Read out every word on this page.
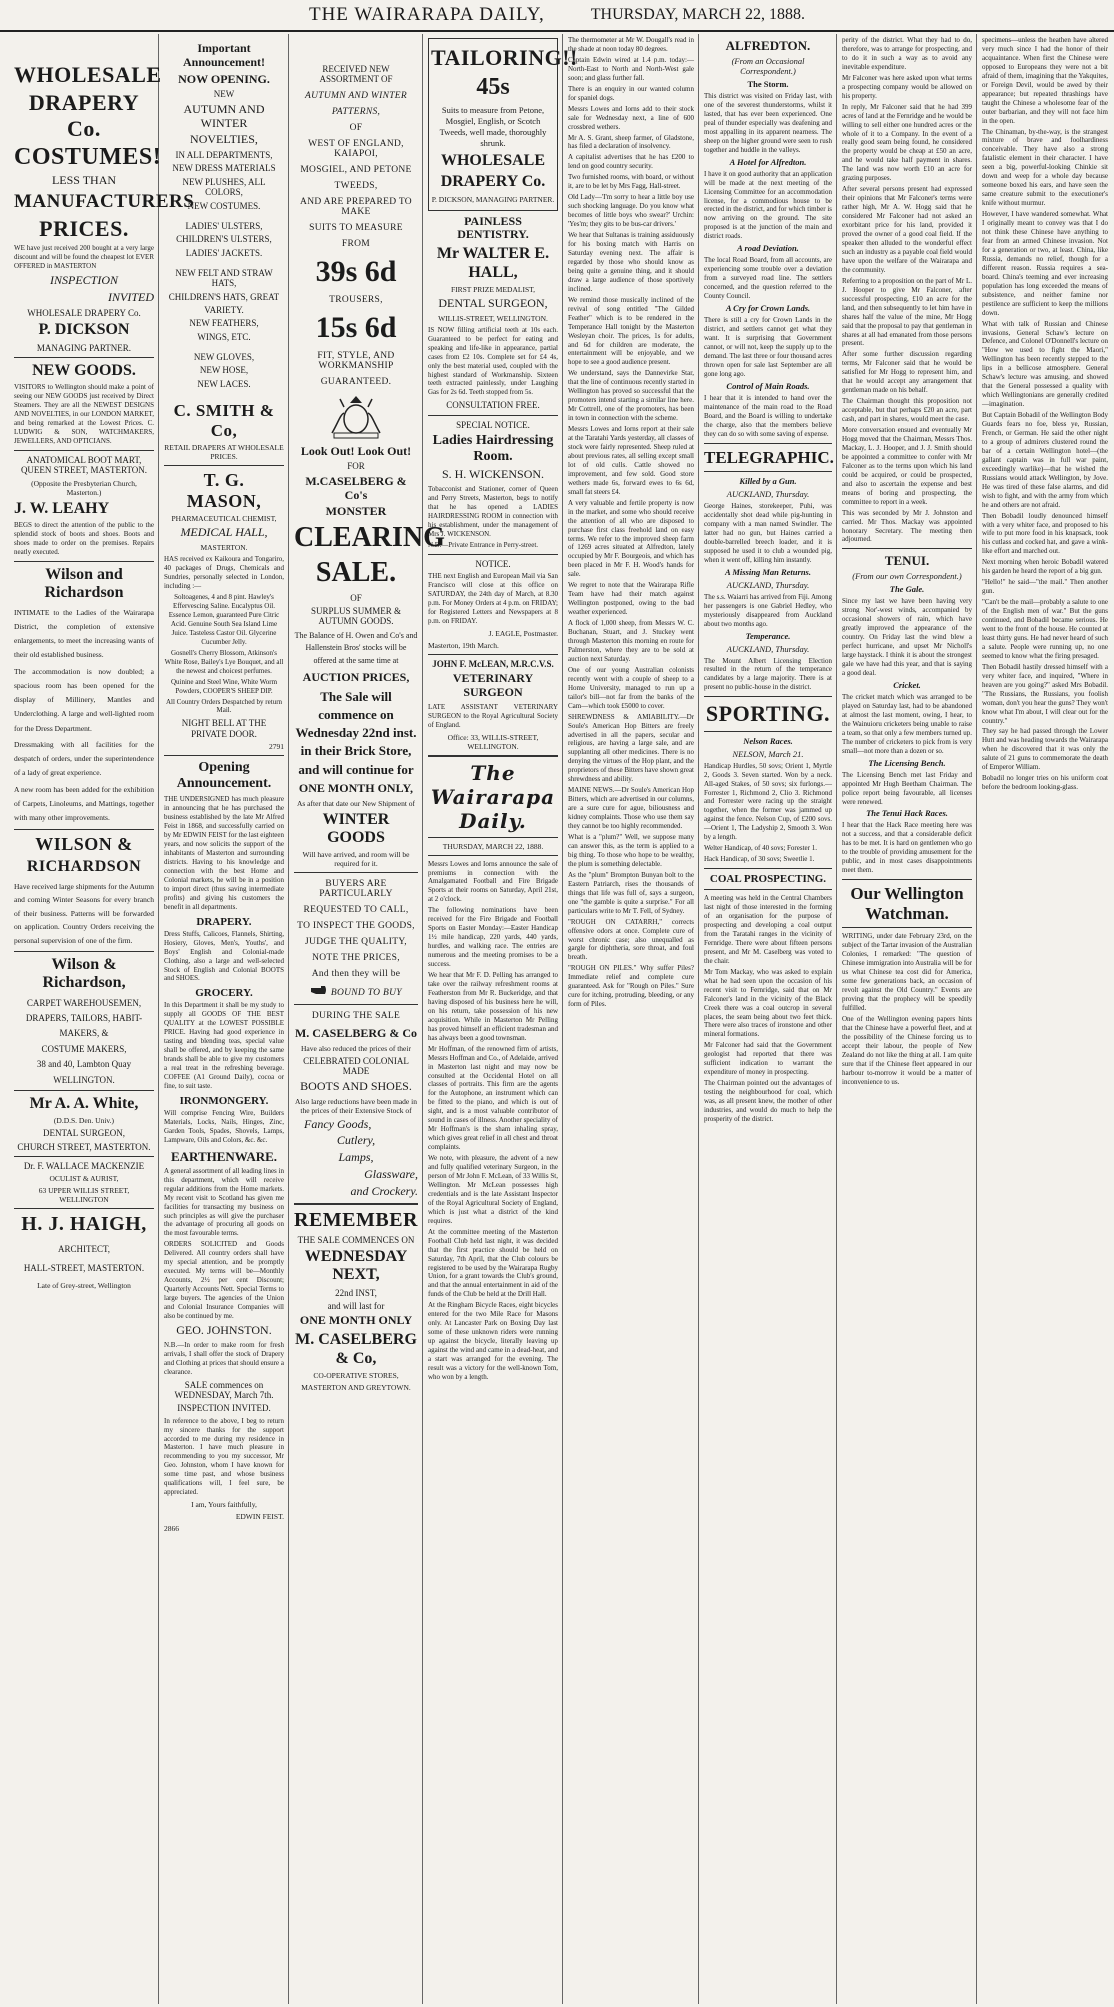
THE WAIRARAPA DAILY,	THURSDAY, MARCH 22, 1888.
WHOLESALE
DRAPERY Co.
COSTUMES!
LESS THAN
MANUFACTURERS
PRICES.

WE have just received 200 bought at a very large discount and will be found the cheapest lot EVER OFFERED in MASTERTON

INSPECTION
INVITED
WHOLESALE DRAPERY Co.
P. DICKSON
MANAGING PARTNER.
NEW GOODS.

VISITORS to Wellington should make a point of seeing our NEW GOODS just received by Direct Steamers. They are all the NEWEST DESIGNS AND NOVELTIES, in our LONDON MARKET, and being remarked at the Lowest Prices. C. LUDWIG & SON, WATCHMAKERS, JEWELLERS, AND OPTICIANS.

ANATOMICAL BOOT MART, QUEEN STREET, MASTERTON.
(Opposite the Presbyterian Church, Masterton.)
J. W. LEAHY

BEGS to direct the attention of the public to the splendid stock of boots and shoes. Boots and shoes made to order on the premises. Repairs neatly executed.

Wilson and Richardson

INTIMATE to the Ladies of the Wairarapa District, the completion of extensive enlargements, to meet the increasing wants of their old established business.

The accommodation is now doubled; a spacious room has been opened for the display of Millinery, Mantles and Underclothing. A large and well-lighted room for the Dress Department.

Dressmaking with all facilities for the despatch of orders, under the superintendence of a lady of great experience.

A new room has been added for the exhibition of Carpets, Linoleums, and Mattings, together with many other improvements.

WILSON &
RICHARDSON

Have received large shipments for the Autumn and coming Winter Seasons for every branch of their business. Patterns will be forwarded on application. Country Orders receiving the personal supervision of one of the firm.

Wilson & Richardson,
CARPET WAREHOUSEMEN,
DRAPERS, TAILORS, HABIT-
MAKERS, &
COSTUME MAKERS,
38 and 40, Lambton Quay
WELLINGTON.
Mr A. A. White,
(D.D.S. Den. Univ.)
DENTAL SURGEON,
CHURCH STREET, MASTERTON.
Dr. F. WALLACE MACKENZIE
OCULIST & AURIST,
63 UPPER WILLIS STREET, WELLINGTON
H. J. HAIGH,
ARCHITECT,
HALL-STREET, MASTERTON.
Late of Grey-street, Wellington
Important Announcement!
NOW OPENING.
NEW
AUTUMN AND WINTER
NOVELTIES,
IN ALL DEPARTMENTS,
NEW DRESS MATERIALS
NEW PLUSHES, ALL COLORS,
NEW COSTUMES.
LADIES' ULSTERS,
CHILDREN'S ULSTERS,
LADIES' JACKETS.
NEW FELT AND STRAW HATS,
CHILDREN'S HATS, GREAT
VARIETY.
NEW FEATHERS,
WINGS, ETC.
NEW GLOVES,
NEW HOSE,
NEW LACES.
C. SMITH & Co,
RETAIL DRAPERS AT WHOLESALE PRICES.
T. G. MASON,
PHARMACEUTICAL CHEMIST,
MEDICAL HALL,
MASTERTON.

HAS received ex Kaikoura and Tongariro, 40 packages of Drugs, Chemicals and Sundries, personally selected in London, including :—

Soltoagenes, 4 and 8 pint. Hawley's Effervescing Saline. Eucalyptus Oil. Essence Lemon, guaranteed Pure Citric Acid. Genuine South Sea Island Lime Juice. Tasteless Castor Oil. Glycerine Cucumber Jelly.

Gosnell's Cherry Blossom, Atkinson's White Rose, Bailey's Lye Bouquet, and all the newest and choicest perfumes.

Quinine and Steel Wine, White Worm Powders, COOPER'S SHEEP DIP.

All Country Orders Despatched by return Mail.

NIGHT BELL AT THE PRIVATE DOOR.
2791
Opening Announcement.

THE UNDERSIGNED has much pleasure in announcing that he has purchased the business established by the late Mr Alfred Feist in 1868, and successfully carried on by Mr EDWIN FEIST for the last eighteen years, and now solicits the support of the inhabitants of Masterton and surrounding districts. Having to his knowledge and connection with the best Home and Colonial markets, he will be in a position to import direct (thus saving intermediate profits) and giving his customers the benefit in all departments.

DRAPERY.

Dress Stuffs, Calicoes, Flannels, Shirting, Hosiery, Gloves, Men's, Youths', and Boys' English and Colonial-made Clothing, also a large and well-selected Stock of English and Colonial BOOTS and SHOES.

GROCERY.

In this Department it shall be my study to supply all GOODS OF THE BEST QUALITY at the LOWEST POSSIBLE PRICE. Having had good experience in tasting and blending teas, special value shall be offered, and by keeping the same brands shall be able to give my customers a real treat in the refreshing beverage. COFFEE (A1 Ground Daily), cocoa or fine, to suit taste.

IRONMONGERY.

Will comprise Fencing Wire, Builders Materials, Locks, Nails, Hinges, Zinc, Garden Tools, Spades, Shovels, Lamps, Lampware, Oils and Colors, &c. &c.

EARTHENWARE.

A general assortment of all leading lines in this department, which will receive regular additions from the Home markets. My recent visit to Scotland has given me facilities for transacting my business on such principles as will give the purchaser the advantage of procuring all goods on the most favourable terms.

ORDERS SOLICITED and Goods Delivered. All country orders shall have my special attention, and be promptly executed. My terms will be—Monthly Accounts, 2½ per cent Discount; Quarterly Accounts Nett. Special Terms to large buyers. The agencies of the Union and Colonial Insurance Companies will also be continued by me.

GEO. JOHNSTON.

N.B.—In order to make room for fresh arrivals, I shall offer the stock of Drapery and Clothing at prices that should ensure a clearance.

SALE commences on WEDNESDAY, March 7th.
INSPECTION INVITED.

In reference to the above, I beg to return my sincere thanks for the support accorded to me during my residence in Masterton. I have much pleasure in recommending to you my successor, Mr Geo. Johnston, whom I have known for some time past, and whose business qualifications will, I feel sure, be appreciated.

I am, Yours faithfully,
EDWIN FEIST.
2866
RECEIVED NEW ASSORTMENT OF
AUTUMN AND WINTER
PATTERNS,
OF
WEST OF ENGLAND, KAIAPOI,
MOSGIEL, AND PETONE
TWEEDS,
AND ARE PREPARED TO MAKE
SUITS TO MEASURE
FROM
39s 6d
TROUSERS,
15s 6d
FIT, STYLE, AND WORKMANSHIP
GUARANTEED.
Look Out! Look Out!
FOR
M.CASELBERG & Co's
MONSTER
CLEARING
SALE.
OF
SURPLUS SUMMER & AUTUMN GOODS.

The Balance of H. Owen and Co's and Hallenstein Bros' stocks will be offered at the same time at

AUCTION PRICES,

The Sale will commence on Wednesday 22nd inst. in their Brick Store, and will continue for

ONE MONTH ONLY,
As after that date our New Shipment of
WINTER GOODS
Will have arrived, and room will be required for it.
BUYERS ARE PARTICULARLY
REQUESTED TO CALL,
TO INSPECT THE GOODS,
JUDGE THE QUALITY,
NOTE THE PRICES,
And then they will be
BOUND TO BUY
DURING THE SALE
M. CASELBERG & Co
Have also reduced the prices of their
CELEBRATED COLONIAL MADE
BOOTS AND SHOES.
Also large reductions have been made in the prices of their Extensive Stock of
Fancy Goods,
Cutlery,
Lamps,
Glassware,
and Crockery.
REMEMBER
THE SALE COMMENCES ON
WEDNESDAY NEXT,
22nd INST,
and will last for
ONE MONTH ONLY
M. CASELBERG & Co,
CO-OPERATIVE STORES,
MASTERTON AND GREYTOWN.
TAILORING!!
45s

Suits to measure from Petone, Mosgiel, English, or Scotch Tweeds, well made, thoroughly shrunk.

WHOLESALE
DRAPERY Co.
P. DICKSON, MANAGING PARTNER.
PAINLESS DENTISTRY.
Mr WALTER E. HALL,
FIRST PRIZE MEDALIST,
DENTAL SURGEON,
WILLIS-STREET, WELLINGTON.

IS NOW filling artificial teeth at 10s each. Guaranteed to be perfect for eating and speaking and life-like in appearance, partial cases from £2 10s. Complete set for £4 4s, only the best material used, coupled with the highest standard of Workmanship. Sixteen teeth extracted painlessly, under Laughing Gas for 2s 6d. Teeth stopped from 5s.

CONSULTATION FREE.
SPECIAL NOTICE.
Ladies Hairdressing Room.
S. H. WICKENSON.

Tobacconist and Stationer, corner of Queen and Perry Streets, Masterton, begs to notify that he has opened a LADIES HAIRDRESSING ROOM in connection with his establishment, under the management of Mrs J. WICKENSON.

N.B.—Private Entrance in Perry-street.

NOTICE.

THE next English and European Mail via San Francisco will close at this office on SATURDAY, the 24th day of March, at 8.30 p.m. For Money Orders at 4 p.m. on FRIDAY; for Registered Letters and Newspapers at 8 p.m. on FRIDAY.

J. EAGLE, Postmaster.
Masterton, 19th March.
JOHN F. McLEAN, M.R.C.V.S.
VETERINARY SURGEON

LATE ASSISTANT VETERINARY SURGEON to the Royal Agricultural Society of England.

Office: 33, WILLIS-STREET, WELLINGTON.
The Wairarapa Daily.
THURSDAY, MARCH 22, 1888.

Messrs Lowes and Iorns announce the sale of premiums in connection with the Amalgamated Football and Fire Brigade Sports at their rooms on Saturday, April 21st, at 2 o'clock.

The following nominations have been received for the Fire Brigade and Football Sports on Easter Monday:—Easter Handicap 1½ mile handicap, 220 yards, 440 yards, hurdles, and walking race. The entries are numerous and the meeting promises to be a success.

We hear that Mr F. D. Pelling has arranged to take over the railway refreshment rooms at Featherston from Mr R. Buckeridge, and that having disposed of his business here he will, on his return, take possession of his new acquisition. While in Masterton Mr Pelling has proved himself an efficient tradesman and has always been a good townsman.

Mr Hoffman, of the renowned firm of artists, Messrs Hoffman and Co., of Adelaide, arrived in Masterton last night and may now be consulted at the Occidental Hotel on all classes of portraits. This firm are the agents for the Autophone, an instrument which can be fitted to the piano, and which is out of sight, and is a most valuable contributor of sound in cases of illness. Another speciality of Mr Hoffman's is the sham inhaling spray, which gives great relief in all chest and throat complaints.

We note, with pleasure, the advent of a new and fully qualified veterinary Surgeon, in the person of Mr John F. McLean, of 33 Willis St, Wellington. Mr McLean possesses high credentials and is the late Assistant Inspector of the Royal Agricultural Society of England, which is just what a district of the kind requires.

At the committee meeting of the Masterton Football Club held last night, it was decided that the first practice should be held on Saturday, 7th April, that the Club colours be registered to be used by the Wairarapa Rugby Union, for a grant towards the Club's ground, and that the annual entertainment in aid of the funds of the Club be held at the Drill Hall.

At the Ringham Bicycle Races, eight bicycles entered for the two Mile Race for Masons only. At Lancaster Park on Boxing Day last some of these unknown riders were running up against the bicycle, literally leaving up against the wind and came in a dead-heat, and a start was arranged for the evening. The result was a victory for the well-known Tom, who won by a length.

The thermometer at Mr W. Dougall's read in the shade at noon today 80 degrees.

Captain Edwin wired at 1.4 p.m. today:—North-East to North and North-West gale soon; and glass further fall.

There is an enquiry in our wanted column for spaniel dogs.

Messrs Lowes and Iorns add to their stock sale for Wednesday next, a line of 600 crossbred wethers.

Mr A. S. Grant, sheep farmer, of Gladstone, has filed a declaration of insolvency.

A capitalist advertises that he has £200 to lend on good country security.

Two furnished rooms, with board, or without it, are to be let by Mrs Fagg, Hall-street.

Old Lady—'I'm sorry to hear a little boy use such shocking language. Do you know what becomes of little boys who swear?' Urchin: 'Yes'm; they gits to be bus-car drivers.'

We hear that Sultanas is training assiduously for his boxing match with Harris on Saturday evening next. The affair is regarded by those who should know as being quite a genuine thing, and it should draw a large audience of those sportively inclined.

We remind those musically inclined of the revival of song entitled "The Gilded Feather" which is to be rendered in the Temperance Hall tonight by the Masterton Wesleyan choir. The prices, 1s for adults, and 6d for children are moderate, the entertainment will be enjoyable, and we hope to see a good audience present.

We understand, says the Dannevirke Star, that the line of continuous recently started in Wellington has proved so successful that the promoters intend starting a similar line here. Mr Cottrell, one of the promoters, has been in town in connection with the scheme.

Messrs Lowes and Iorns report at their sale at the Taratahi Yards yesterday, all classes of stock were fairly represented. Sheep ruled at about previous rates, all selling except small lot of old culls. Cattle showed no improvement, and few sold. Good store wethers made 6s, forward ewes to 6s 6d, small fat steers £4.

A very valuable and fertile property is now in the market, and some who should receive the attention of all who are disposed to purchase first class freehold land on easy terms. We refer to the improved sheep farm of 1269 acres situated at Alfredton, lately occupied by Mr F. Bourgeois, and which has been placed in Mr F. H. Wood's hands for sale.

We regret to note that the Wairarapa Rifle Team have had their match against Wellington postponed, owing to the bad weather experienced.

A flock of 1,000 sheep, from Messrs W. C. Buchanan, Stuart, and J. Stuckey went through Masterton this morning en route for Palmerston, where they are to be sold at auction next Saturday.

One of our young Australian colonists recently went with a couple of sheep to a Home University, managed to run up a tailor's bill—not far from the banks of the Cam—which took £5000 to cover.

SHREWDNESS & AMIABILITY.—Dr Soule's American Hop Bitters are freely advertised in all the papers, secular and religious, are having a large sale, and are supplanting all other medicines. There is no denying the virtues of the Hop plant, and the proprietors of these Bitters have shown great shrewdness and ability.

MAINE NEWS.—Dr Soule's American Hop Bitters, which are advertised in our columns, are a sure cure for ague, biliousness and kidney complaints. Those who use them say they cannot be too highly recommended.

What is a "plum?" Well, we suppose many can answer this, as the term is applied to a big thing. To those who hope to be wealthy, the plum is something delectable.

As the "plum" Brompton Bunyan bolt to the Eastern Patriarch, rises the thousands of things that life was full of, says a surgeon, one "the gamble is quite a surprise." For all particulars write to Mr T. Fell, of Sydney.

"ROUGH ON CATARRH," corrects offensive odors at once. Complete cure of worst chronic case; also unequalled as gargle for diphtheria, sore throat, and foul breath.

"ROUGH ON PILES." Why suffer Piles? Immediate relief and complete cure guaranteed. Ask for "Rough on Piles." Sure cure for itching, protruding, bleeding, or any form of Piles.

ALFREDTON.
(From an Occasional Correspondent.)
The Storm.

This district was visited on Friday last, with one of the severest thunderstorms, whilst it lasted, that has ever been experienced. One peal of thunder especially was deafening and most appalling in its apparent nearness. The sheep on the higher ground were seen to rush together and huddle in the valleys.

A Hotel for Alfredton.

I have it on good authority that an application will be made at the next meeting of the Licensing Committee for an accommodation license, for a commodious house to be erected in the district, and for which timber is now arriving on the ground. The site proposed is at the junction of the main and district roads.

A road Deviation.

The local Road Board, from all accounts, are experiencing some trouble over a deviation from a surveyed road line. The settlers concerned, and the question referred to the County Council.

A Cry for Crown Lands.

There is still a cry for Crown Lands in the district, and settlers cannot get what they want. It is surprising that Government cannot, or will not, keep the supply up to the demand. The last three or four thousand acres thrown open for sale last September are all gone long ago.

Control of Main Roads.

I hear that it is intended to hand over the maintenance of the main road to the Road Board, and the Board is willing to undertake the charge, also that the members believe they can do so with some saving of expense.

TELEGRAPHIC.
Killed by a Gun.
AUCKLAND, Thursday.

George Haines, storekeeper, Puhi, was accidentally shot dead while pig-hunting in company with a man named Swindler. The latter had no gun, but Haines carried a double-barrelled breech loader, and it is supposed he used it to club a wounded pig, when it went off, killing him instantly.

A Missing Man Returns.
AUCKLAND, Thursday.

The s.s. Waiarri has arrived from Fiji. Among her passengers is one Gabriel Hedley, who mysteriously disappeared from Auckland about two months ago.

Temperance.
AUCKLAND, Thursday.

The Mount Albert Licensing Election resulted in the return of the temperance candidates by a large majority. There is at present no public-house in the district.

SPORTING.
Nelson Races.
NELSON, March 21.

Handicap Hurdles, 50 sovs; Orient 1, Myrtle 2, Goods 3. Seven started. Won by a neck. All-aged Stakes, of 50 sovs; six furlongs.—Forrester 1, Richmond 2, Clio 3. Richmond and Forrester were racing up the straight together, when the former was jammed up against the fence. Nelson Cup, of £200 sovs.—Orient 1, The Ladyship 2, Smooth 3. Won by a length.

Welter Handicap, of 40 sovs; Forester 1.

Hack Handicap, of 30 sovs; Sweetlie 1.

COAL PROSPECTING.

A meeting was held in the Central Chambers last night of those interested in the forming of an organisation for the purpose of prospecting and developing a coal output from the Taratahi ranges in the vicinity of Fernridge. There were about fifteen persons present, and Mr M. Caselberg was voted to the chair.

Mr Tom Mackay, who was asked to explain what he had seen upon the occasion of his recent visit to Fernridge, said that on Mr Falconer's land in the vicinity of the Black Creek there was a coal outcrop in several places, the seam being about two feet thick. There were also traces of ironstone and other mineral formations.

Mr Falconer had said that the Government geologist had reported that there was sufficient indication to warrant the expenditure of money in prospecting.

The Chairman pointed out the advantages of testing the neighbourhood for coal, which was, as all present knew, the mother of other industries, and would do much to help the prosperity of the district.

perity of the district. What they had to do, therefore, was to arrange for prospecting, and to do it in such a way as to avoid any inevitable expenditure.

Mr Falconer was here asked upon what terms a prospecting company would be allowed on his property.

In reply, Mr Falconer said that he had 399 acres of land at the Fernridge and he would be willing to sell either one hundred acres or the whole of it to a Company. In the event of a really good seam being found, he considered the property would be cheap at £50 an acre, and he would take half payment in shares. The land was now worth £10 an acre for grazing purposes.

After several persons present had expressed their opinions that Mr Falconer's terms were rather high, Mr A. W. Hogg said that he considered Mr Falconer had not asked an exorbitant price for his land, provided it proved the owner of a good coal field. If the speaker then alluded to the wonderful effect such an industry as a payable coal field would have upon the welfare of the Wairarapa and the community.

Referring to a proposition on the part of Mr L. J. Hooper to give Mr Falconer, after successful prospecting, £10 an acre for the land, and then subsequently to let him have in shares half the value of the mine, Mr Hogg said that the proposal to pay that gentleman in shares at all had emanated from those persons present.

After some further discussion regarding terms, Mr Falconer said that he would be satisfied for Mr Hogg to represent him, and that he would accept any arrangement that gentleman made on his behalf.

The Chairman thought this proposition not acceptable, but that perhaps £20 an acre, part cash, and part in shares, would meet the case.

More conversation ensued and eventually Mr Hogg moved that the Chairman, Messrs Thos. Mackay, L. J. Hooper, and J. J. Smith should be appointed a committee to confer with Mr Falconer as to the terms upon which his land could be acquired, or could be prospected, and also to ascertain the expense and best means of boring and prospecting, the committee to report in a week.

This was seconded by Mr J. Johnston and carried. Mr Thos. Mackay was appointed honorary Secretary. The meeting then adjourned.

TENUI.
(From our own Correspondent.)
The Gale.

Since my last we have been having very strong Nor'-west winds, accompanied by occasional showers of rain, which have greatly improved the appearance of the country. On Friday last the wind blew a perfect hurricane, and upset Mr Nicholl's large haystack. I think it is about the strongest gale we have had this year, and that is saying a good deal.

Cricket.

The cricket match which was arranged to be played on Saturday last, had to be abandoned at almost the last moment, owing, I hear, to the Wainuioru cricketers being unable to raise a team, so that only a few members turned up. The number of cricketers to pick from is very small—not more than a dozen or so.

The Licensing Bench.

The Licensing Bench met last Friday and appointed Mr Hugh Beetham Chairman. The police report being favourable, all licenses were renewed.

The Tenui Hack Races.

I hear that the Hack Race meeting here was not a success, and that a considerable deficit has to be met. It is hard on gentlemen who go to the trouble of providing amusement for the public, and in most cases disappointments meet them.

Our Wellington Watchman.

WRITING, under date February 23rd, on the subject of the Tartar invasion of the Australian Colonies, I remarked: "The question of Chinese immigration into Australia will be for us what Chinese tea cost did for America, some few generations back, an occasion of revolt against the Old Country." Events are proving that the prophecy will be speedily fulfilled.

One of the Wellington evening papers hints that the Chinese have a powerful fleet, and at the possibility of the Chinese forcing us to accept their labour, the people of New Zealand do not like the thing at all. I am quite sure that if the Chinese fleet appeared in our harbour to-morrow it would be a matter of inconvenience to us.

specimens—unless the heathen have altered very much since I had the honor of their acquaintance. When first the Chinese were opposed to Europeans they were not a bit afraid of them, imagining that the Yakquites, or Foreign Devil, would be awed by their appearance; but repeated thrashings have taught the Chinese a wholesome fear of the outer barbarian, and they will not face him in the open.

The Chinaman, by-the-way, is the strangest mixture of brave and foolhardiness conceivable. They have also a strong fatalistic element in their character. I have seen a big, powerful-looking Chinkie sit down and weep for a whole day because someone boxed his ears, and have seen the same creature submit to the executioner's knife without murmur.

However, I have wandered somewhat. What I originally meant to convey was that I do not think these Chinese have anything to fear from an armed Chinese invasion. Not for a generation or two, at least. China, like Russia, demands no relief, though for a different reason. Russia requires a sea-board. China's teeming and ever increasing population has long exceeded the means of subsistence, and neither famine nor pestilence are sufficient to keep the millions down.

What with talk of Russian and Chinese invasions, General Schaw's lecture on Defence, and Colonel O'Donnell's lecture on "How we used to fight the Maori," Wellington has been recently stepped to the lips in a bellicose atmosphere. General Schaw's lecture was amusing, and showed that the General possessed a quality with which Wellingtonians are generally credited—imagination.

But Captain Bobadil of the Wellington Body Guards fears no foe, bless ye, Russian, French, or German. He said the other night to a group of admirers clustered round the bar of a certain Wellington hotel—(the gallant captain was in full war paint, exceedingly warlike)—that he wished the Russians would attack Wellington, by Jove. He was tired of these false alarms, and did wish to fight, and with the army from which he and others are not afraid.

Then Bobadil loudly denounced himself with a very whiter face, and proposed to his wife to put more food in his knapsack, took his cutlass and cocked hat, and gave a wink-like effort and marched out.

Next morning when heroic Bobadil watered his garden he heard the report of a big gun.

"Hello!" he said—"the mail." Then another gun.

"Can't be the mail—probably a salute to one of the English men of war." But the guns continued, and Bobadil became serious. He went to the front of the house. He counted at least thirty guns. He had never heard of such a salute. People were running up, no one seemed to know what the firing presaged.

Then Bobadil hastily dressed himself with a very whiter face, and inquired, "Where in heaven are you going?" asked Mrs Bobadil. "The Russians, the Russians, you foolish woman, don't you hear the guns? They won't know what I'm about, I will clear out for the country."

They say he had passed through the Lower Hutt and was heading towards the Wairarapa when he discovered that it was only the salute of 21 guns to commemorate the death of Emperor William.

Bobadil no longer tries on his uniform coat before the bedroom looking-glass.
